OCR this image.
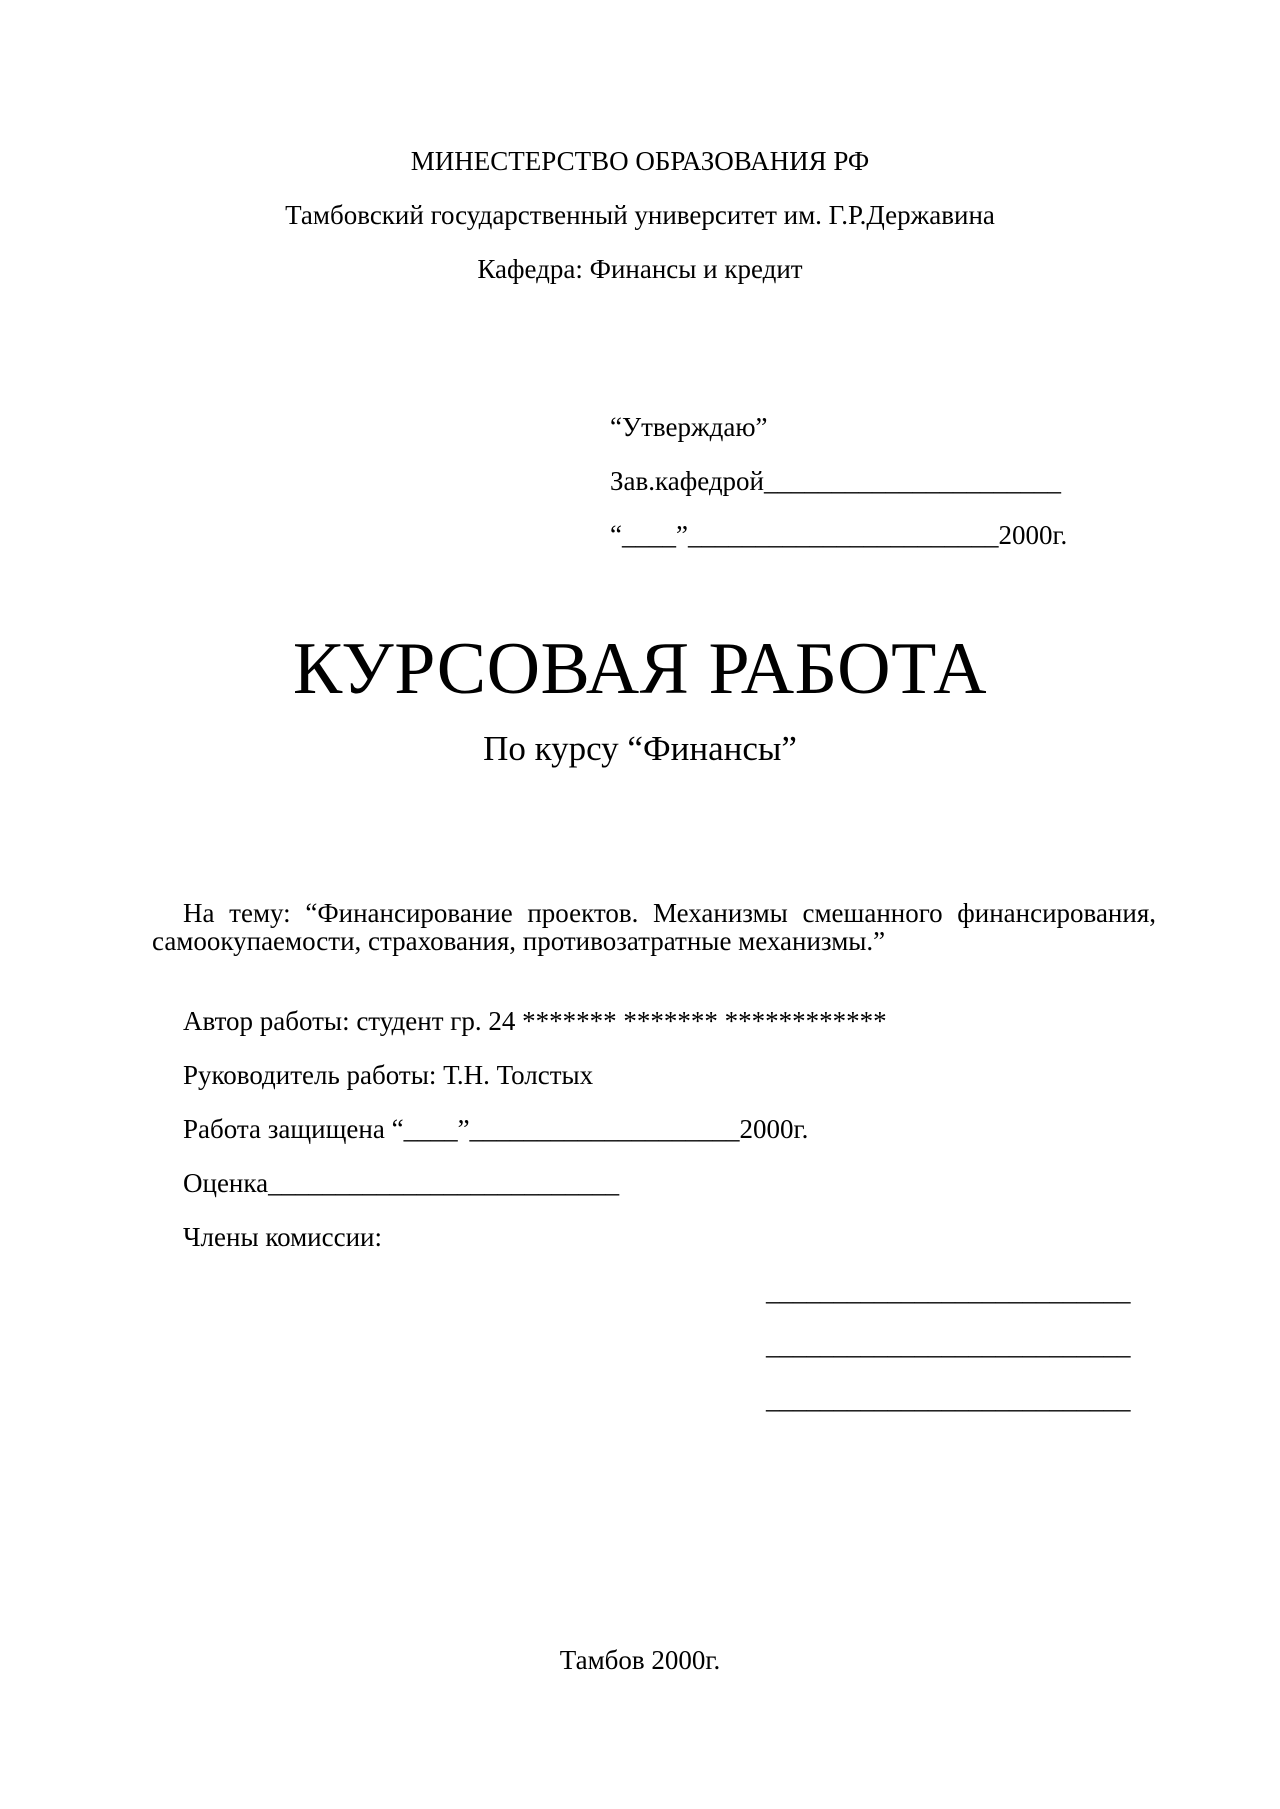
МИНЕСТЕРСТВО ОБРАЗОВАНИЯ РФ

Тамбовский государственный университет им. Г.Р.Державина

Кафедра: Финансы и кредит

“Утверждаю”

Зав.кафедрой______________________

“____”_______________________2000г.

КУРСОВАЯ РАБОТА

По курсу “Финансы”

На тему: “Финансирование проектов. Механизмы смешанного финансирования, самоокупаемости, страхования, противозатратные механизмы.”

Автор работы: студент гр. 24 ******* ******* ************

Руководитель работы: Т.Н. Толстых

Работа защищена “____”____________________2000г.

Оценка__________________________

Члены комиссии:

___________________________

___________________________

___________________________

Тамбов 2000г.
